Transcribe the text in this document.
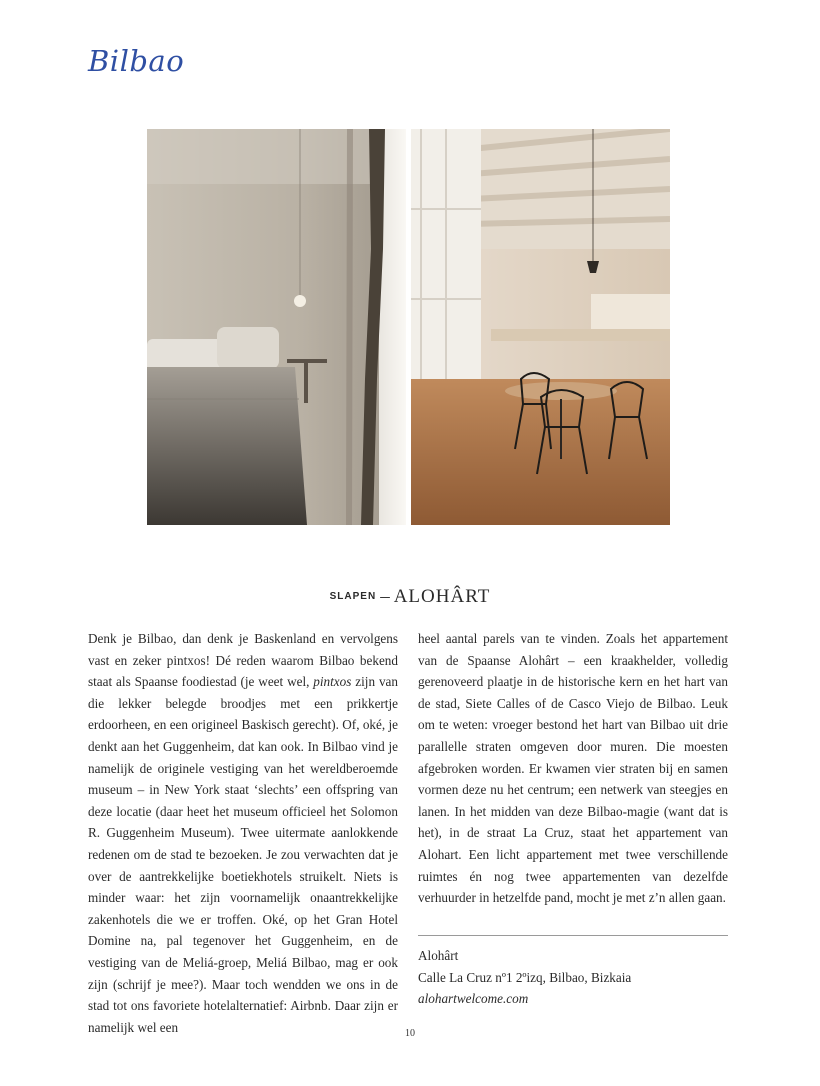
Bilbao
SLAPEN – ALOHÂRT

Denk je Bilbao, dan denk je Baskenland en vervolgens vast en zeker pintxos! Dé reden waarom Bilbao bekend staat als Spaanse foodiestad (je weet wel, pintxos zijn van die lekker belegde broodjes met een prikkertje erdoorheen, en een origineel Baskisch gerecht). Of, oké, je denkt aan het Guggenheim, dat kan ook. In Bilbao vind je namelijk de originele vestiging van het wereldberoemde museum – in New York staat ‘slechts’ een offspring van deze locatie (daar heet het museum officieel het Solomon R. Guggenheim Museum). Twee uitermate aanlokkende redenen om de stad te bezoeken. Je zou verwachten dat je over de aantrekkelijke boetiekhotels struikelt. Niets is minder waar: het zijn voornamelijk onaantrekkelijke zakenhotels die we er troffen. Oké, op het Gran Hotel Domine na, pal tegenover het Guggenheim, en de vestiging van de Meliá-groep, Meliá Bilbao, mag er ook zijn (schrijf je mee?). Maar toch wendden we ons in de stad tot ons favoriete hotelalternatief: Airbnb. Daar zijn er namelijk wel een

heel aantal parels van te vinden. Zoals het appartement van de Spaanse Alohârt – een kraakhelder, volledig gerenoveerd plaatje in de historische kern en het hart van de stad, Siete Calles of de Casco Viejo de Bilbao. Leuk om te weten: vroeger bestond het hart van Bilbao uit drie parallelle straten omgeven door muren. Die moesten afgebroken worden. Er kwamen vier straten bij en samen vormen deze nu het centrum; een netwerk van steegjes en lanen. In het midden van deze Bilbao-magie (want dat is het), in de straat La Cruz, staat het appartement van Alohart. Een licht appartement met twee verschillende ruimtes én nog twee appartementen van dezelfde verhuurder in hetzelfde pand, mocht je met z’n allen gaan.

Alohârt
Calle La Cruz nº1 2ºizq, Bilbao, Bizkaia
alohartwelcome.com
10
